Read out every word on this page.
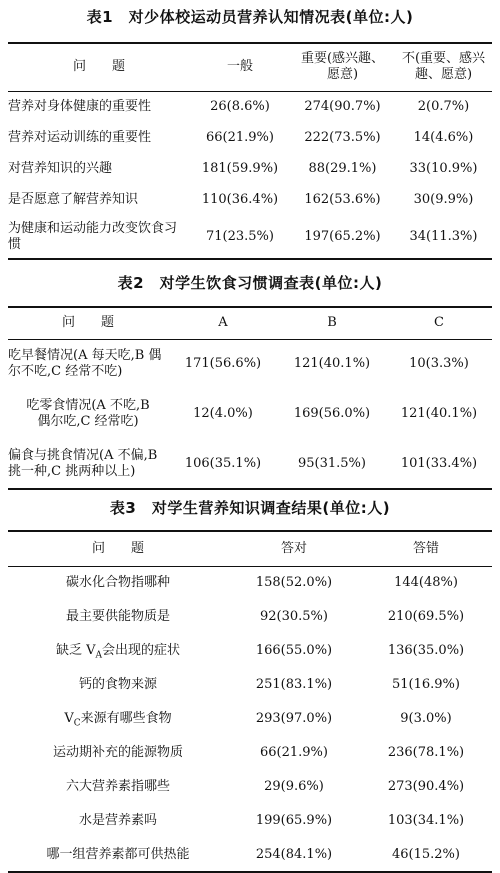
表1　对少体校运动员营养认知情况表(单位:人)
问　　题	一般	重要(感兴趣、愿意)	不(重要、感兴趣、愿意)
营养对身体健康的重要性	26(8.6%)	274(90.7%)	2(0.7%)
营养对运动训练的重要性	66(21.9%)	222(73.5%)	14(4.6%)
对营养知识的兴趣	181(59.9%)	88(29.1%)	33(10.9%)
是否愿意了解营养知识	110(36.4%)	162(53.6%)	30(9.9%)
为健康和运动能力改变饮食习惯	71(23.5%)	197(65.2%)	34(11.3%)
表2　对学生饮食习惯调查表(单位:人)
问　　题	A	B	C
吃早餐情况(A 每天吃,B 偶尔不吃,C 经常不吃)	171(56.6%)	121(40.1%)	10(3.3%)
吃零食情况(A 不吃,B 偶尔吃,C 经常吃)	12(4.0%)	169(56.0%)	121(40.1%)
偏食与挑食情况(A 不偏,B 挑一种,C 挑两种以上)	106(35.1%)	95(31.5%)	101(33.4%)
表3　对学生营养知识调查结果(单位:人)
问　　题	答对	答错
碳水化合物指哪种	158(52.0%)	144(48%)
最主要供能物质是	92(30.5%)	210(69.5%)
缺乏 $V_A$会出现的症状	166(55.0%)	136(35.0%)
钙的食物来源	251(83.1%)	51(16.9%)
$V_C$来源有哪些食物	293(97.0%)	9(3.0%)
运动期补充的能源物质	66(21.9%)	236(78.1%)
六大营养素指哪些	29(9.6%)	273(90.4%)
水是营养素吗	199(65.9%)	103(34.1%)
哪一组营养素都可供热能	254(84.1%)	46(15.2%)
